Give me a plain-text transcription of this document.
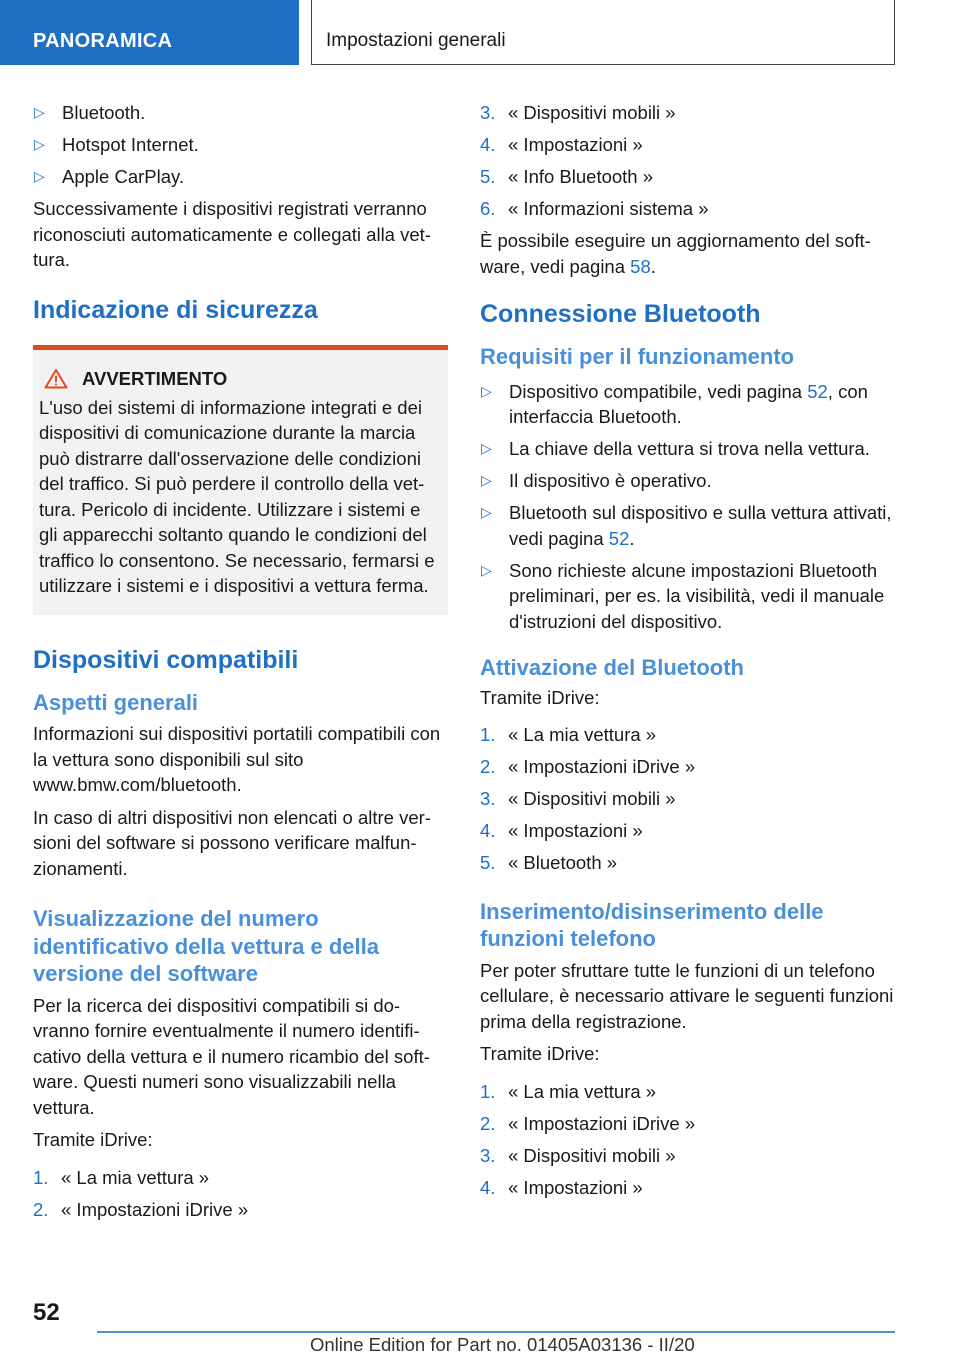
PANORAMICA	Impostazioni generali
▷ Bluetooth.
▷ Hotspot Internet.
▷ Apple CarPlay.

Successivamente i dispositivi registrati verranno riconosciuti automaticamente e collegati alla vettura.

Indicazione di sicurezza
AVVERTIMENTO
L'uso dei sistemi di informazione integrati e dei dispositivi di comunicazione durante la marcia può distrarre dall'osservazione delle condizioni del traffico. Si può perdere il controllo della vettura. Pericolo di incidente. Utilizzare i sistemi e gli apparecchi soltanto quando le condizioni del traffico lo consentono. Se necessario, fermarsi e utilizzare i sistemi e i dispositivi a vettura ferma.
Dispositivi compatibili
Aspetti generali

Informazioni sui dispositivi portatili compatibili con la vettura sono disponibili sul sito www.bmw.com/bluetooth.

In caso di altri dispositivi non elencati o altre versioni del software si possono verificare malfunzionamenti.

Visualizzazione del numero identificativo della vettura e della versione del software

Per la ricerca dei dispositivi compatibili si dovranno fornire eventualmente il numero identificativo della vettura e il numero ricambio del software. Questi numeri sono visualizzabili nella vettura.

Tramite iDrive:

1. « La mia vettura »
2. « Impostazioni iDrive »
3. « Dispositivi mobili »
4. « Impostazioni »
5. « Info Bluetooth »
6. « Informazioni sistema »

È possibile eseguire un aggiornamento del software, vedi pagina 58.

Connessione Bluetooth
Requisiti per il funzionamento
▷ Dispositivo compatibile, vedi pagina 52, con interfaccia Bluetooth.
▷ La chiave della vettura si trova nella vettura.
▷ Il dispositivo è operativo.
▷ Bluetooth sul dispositivo e sulla vettura attivati, vedi pagina 52.
▷ Sono richieste alcune impostazioni Bluetooth preliminari, per es. la visibilità, vedi il manuale d'istruzioni del dispositivo.
Attivazione del Bluetooth

Tramite iDrive:

1. « La mia vettura »
2. « Impostazioni iDrive »
3. « Dispositivi mobili »
4. « Impostazioni »
5. « Bluetooth »
Inserimento/disinserimento delle funzioni telefono

Per poter sfruttare tutte le funzioni di un telefono cellulare, è necessario attivare le seguenti funzioni prima della registrazione.

Tramite iDrive:

1. « La mia vettura »
2. « Impostazioni iDrive »
3. « Dispositivi mobili »
4. « Impostazioni »
52
Online Edition for Part no. 01405A03136 - II/20
